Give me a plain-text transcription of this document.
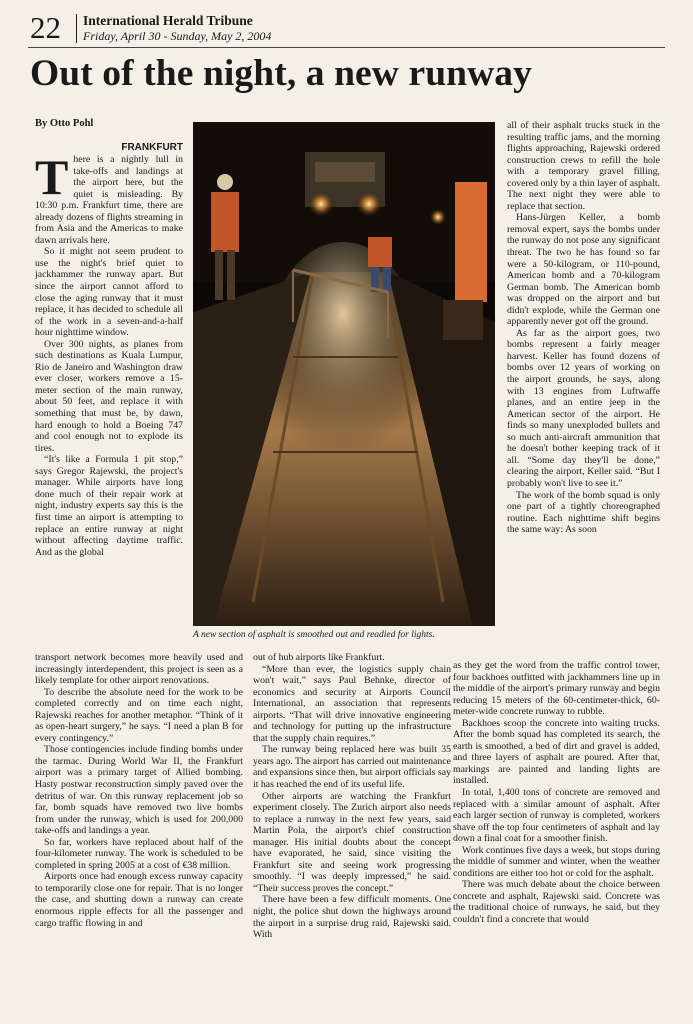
22 International Herald Tribune
Friday, April 30 - Sunday, May 2, 2004
Out of the night, a new runway
By Otto Pohl
FRANKFURT

There is a nightly lull in take-offs and landings at the airport here, but the quiet is misleading. By 10:30 p.m. Frankfurt time, there are already dozens of flights streaming in from Asia and the Americas to make dawn arrivals here.

So it might not seem prudent to use the night's brief quiet to jackhammer the runway apart. But since the airport cannot afford to close the aging runway that it must replace, it has decided to schedule all of the work in a seven-and-a-half hour nighttime window.

Over 300 nights, as planes from such destinations as Kuala Lumpur, Rio de Janeiro and Washington draw ever closer, workers remove a 15-meter section of the main runway, about 50 feet, and replace it with something that must be, by dawn, hard enough to hold a Boeing 747 and cool enough not to explode its tires.

“It's like a Formula 1 pit stop,” says Gregor Rajewski, the project's manager. While airports have long done much of their repair work at night, industry experts say this is the first time an airport is attempting to replace an entire runway at night without affecting daytime traffic. And as the global

transport network becomes more heavily used and increasingly interdependent, this project is seen as a likely template for other airport renovations.

To describe the absolute need for the work to be completed correctly and on time each night, Rajewski reaches for another metaphor. “Think of it as open-heart surgery,” he says. “I need a plan B for every contingency.”

Those contingencies include finding bombs under the tarmac. During World War II, the Frankfurt airport was a primary target of Allied bombing. Hasty postwar reconstruction simply paved over the detritus of war. On this runway replacement job so far, bomb squads have removed two live bombs from under the runway, which is used for 200,000 take-offs and landings a year.

So far, workers have replaced about half of the four-kilometer runway. The work is scheduled to be completed in spring 2005 at a cost of €38 million.

Airports once had enough excess runway capacity to temporarily close one for repair. That is no longer the case, and shutting down a runway can create enormous ripple effects for all the passenger and cargo traffic flowing in and

A new section of asphalt is smoothed out and readied for lights.

out of hub airports like Frankfurt.

“More than ever, the logistics supply chain won't wait,” says Paul Behnke, director of economics and security at Airports Council International, an association that represents airports. “That will drive innovative engineering and technology for putting up the infrastructure that the supply chain requires.”

The runway being replaced here was built 35 years ago. The airport has carried out maintenance and expansions since then, but airport officials say it has reached the end of its useful life.

Other airports are watching the Frankfurt experiment closely. The Zurich airport also needs to replace a runway in the next few years, said Martin Pola, the airport's chief construction manager. His initial doubts about the concept have evaporated, he said, since visiting the Frankfurt site and seeing work progressing smoothly. “I was deeply impressed,” he said. “Their success proves the concept.”

There have been a few difficult moments. One night, the police shut down the highways around the airport in a surprise drug raid, Rajewski said. With

all of their asphalt trucks stuck in the resulting traffic jams, and the morning flights approaching, Rajewski ordered construction crews to refill the hole with a temporary gravel filling, covered only by a thin layer of asphalt. The next night they were able to replace that section.

Hans-Jürgen Keller, a bomb removal expert, says the bombs under the runway do not pose any significant threat. The two he has found so far were a 50-kilogram, or 110-pound, American bomb and a 70-kilogram German bomb. The American bomb was dropped on the airport and but didn't explode, while the German one apparently never got off the ground.

As far as the airport goes, two bombs represent a fairly meager harvest. Keller has found dozens of bombs over 12 years of working on the airport grounds, he says, along with 13 engines from Luftwaffe planes, and an entire jeep in the American sector of the airport. He finds so many unexploded bullets and so much anti-aircraft ammunition that he doesn't bother keeping track of it all. “Some day they'll be done,” clearing the airport, Keller said. “But I probably won't live to see it.”

The work of the bomb squad is only one part of a tightly choreographed routine. Each nighttime shift begins the same way: As soon

as they get the word from the traffic control tower, four backhoes outfitted with jackhammers line up in the middle of the airport's primary runway and begin reducing 15 meters of the 60-centimeter-thick, 60-meter-wide concrete runway to rubble.

Backhoes scoop the concrete into waiting trucks. After the bomb squad has completed its search, the earth is smoothed, a bed of dirt and gravel is added, and three layers of asphalt are poured. After that, markings are painted and landing lights are installed.

In total, 1,400 tons of concrete are removed and replaced with a similar amount of asphalt. After each larger section of runway is completed, workers shave off the top four centimeters of asphalt and lay down a final coat for a smoother finish.

Work continues five days a week, but stops during the middle of summer and winter, when the weather conditions are either too hot or cold for the asphalt.

There was much debate about the choice between concrete and asphalt, Rajewski said. Concrete was the traditional choice of runways, he said, but they couldn't find a concrete that would
